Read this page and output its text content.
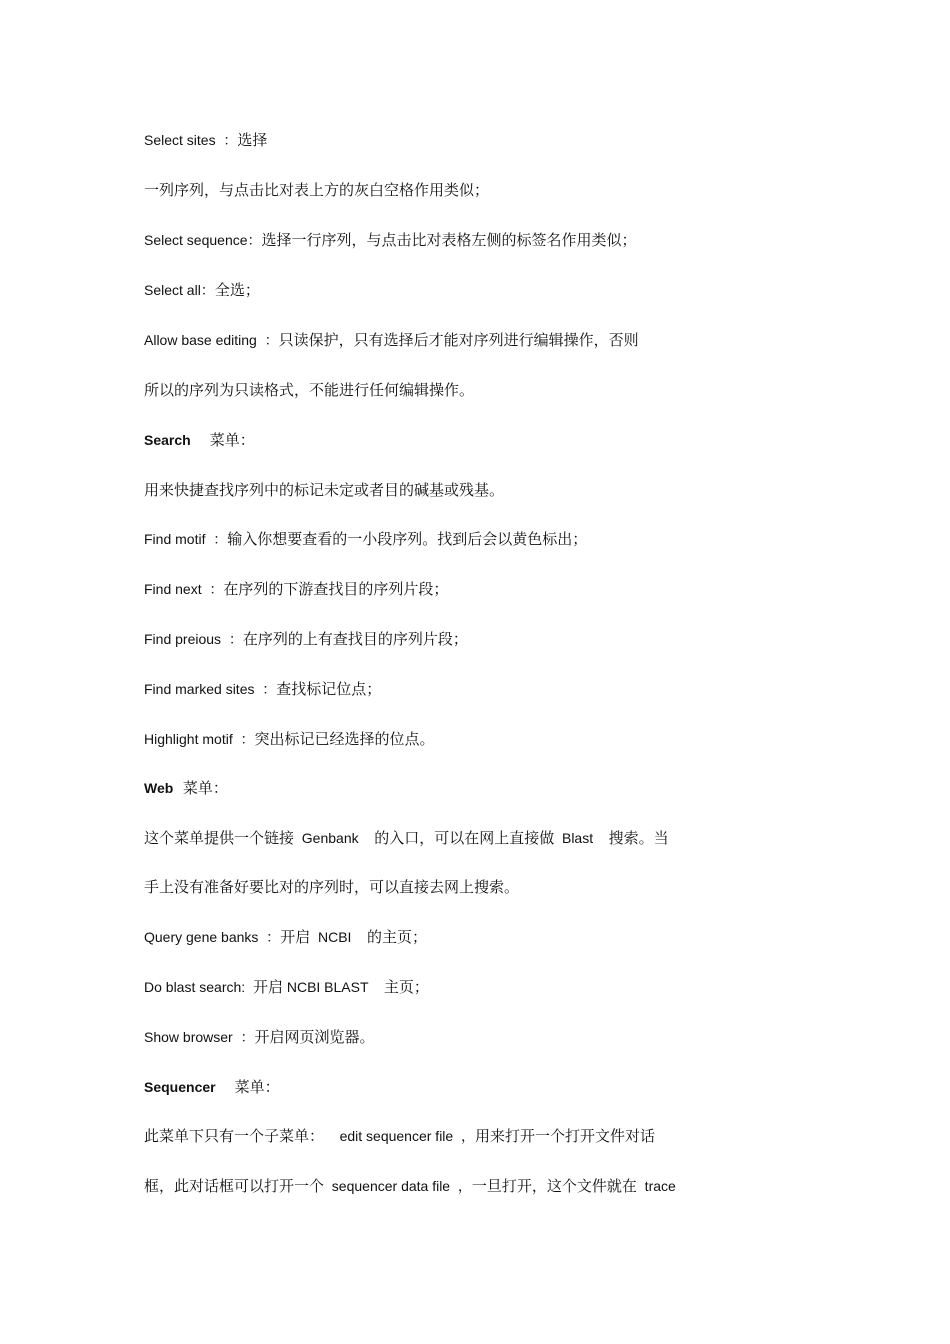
Select sites  ：选择
一列序列，与点击比对表上方的灰白空格作用类似；
Select sequence：选择一行序列，与点击比对表格左侧的标签名作用类似；
Select all：全选；
Allow base editing  ：只读保护，只有选择后才能对序列进行编辑操作，否则
所以的序列为只读格式，不能进行任何编辑操作。
Search    菜单：
用来快捷查找序列中的标记未定或者目的碱基或残基。
Find motif  ：输入你想要查看的一小段序列。找到后会以黄色标出；
Find next  ：在序列的下游查找目的序列片段；
Find preious  ：在序列的上有查找目的序列片段；
Find marked sites  ：查找标记位点；
Highlight motif  ：突出标记已经选择的位点。
Web  菜单：
这个菜单提供一个链接  Genbank    的入口，可以在网上直接做  Blast    搜索。当
手上没有准备好要比对的序列时，可以直接去网上搜索。
Query gene banks  ：开启  NCBI    的主页；
Do blast search:  开启 NCBI BLAST    主页；
Show browser  ：开启网页浏览器。
Sequencer    菜单：
此菜单下只有一个子菜单：    edit sequencer file  ，用来打开一个打开文件对话
框，此对话框可以打开一个  sequencer data file  ，一旦打开，这个文件就在  trace
